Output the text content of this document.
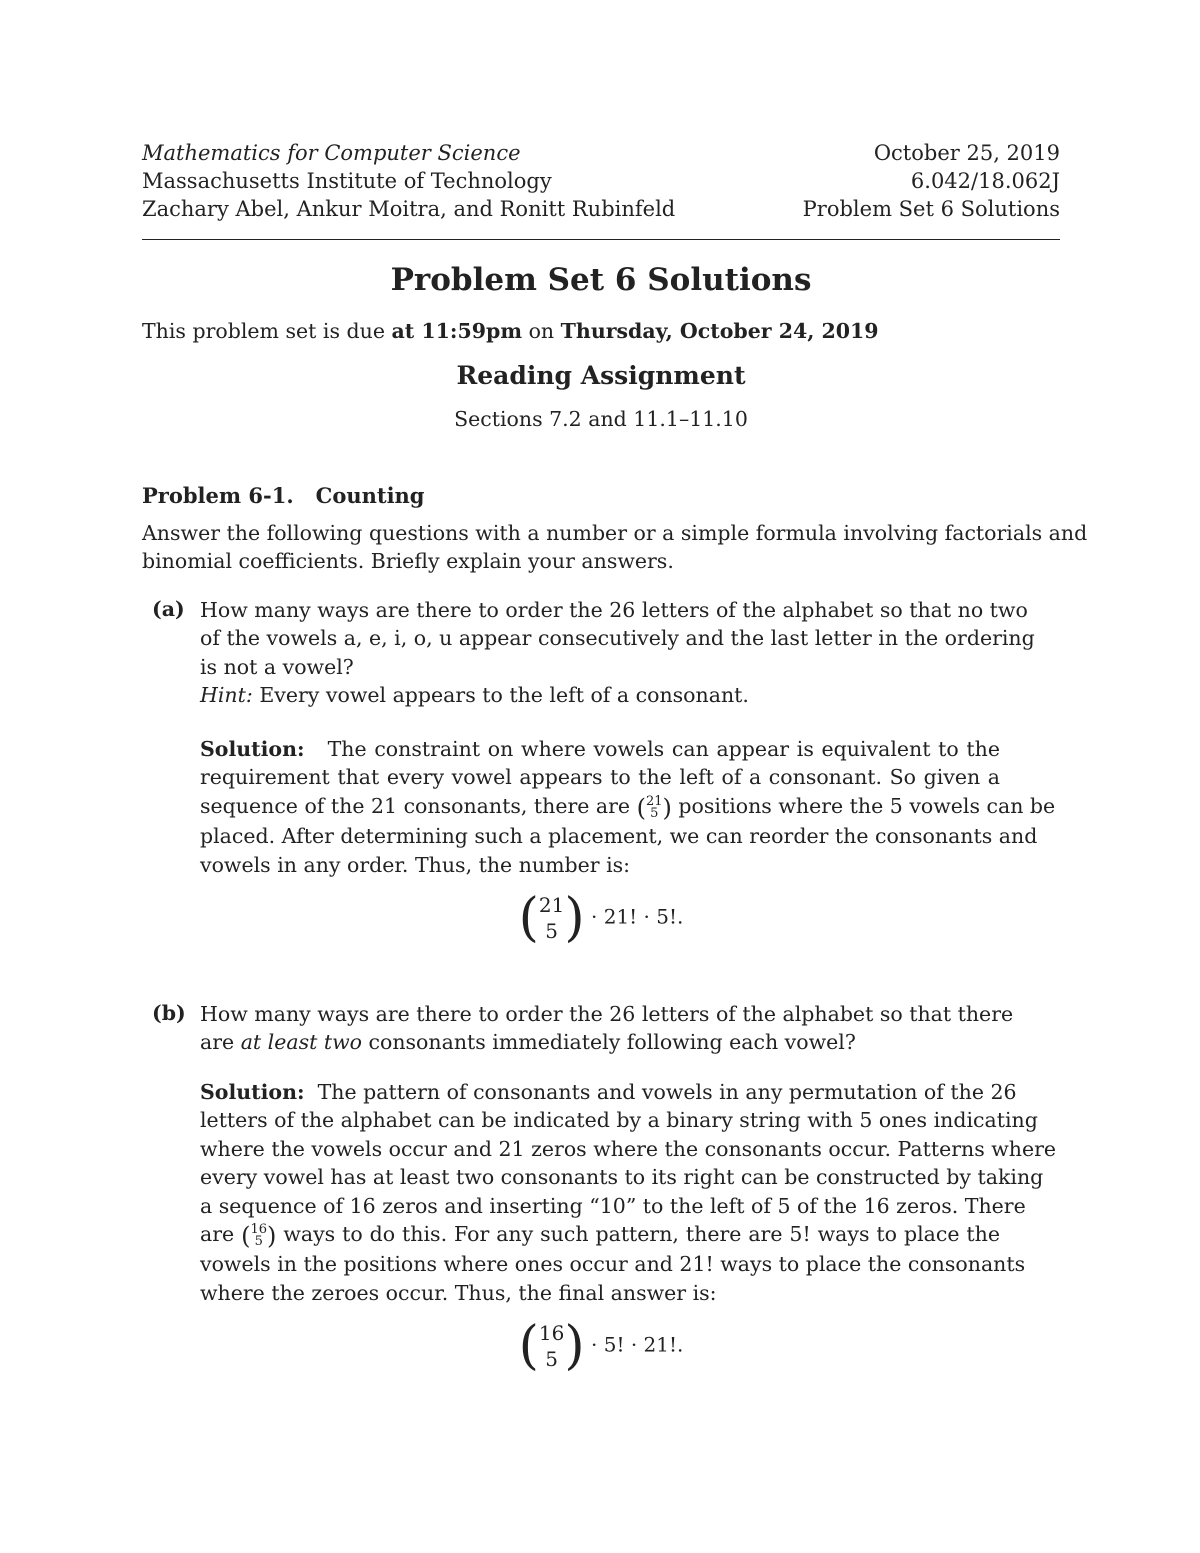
Mathematics for Computer Science
Massachusetts Institute of Technology
Zachary Abel, Ankur Moitra, and Ronitt Rubinfeld
October 25, 2019
6.042/18.062J
Problem Set 6 Solutions
Problem Set 6 Solutions
This problem set is due at 11:59pm on Thursday, October 24, 2019
Reading Assignment
Sections 7.2 and 11.1–11.10
Problem 6-1. Counting
Answer the following questions with a number or a simple formula involving factorials and
binomial coefficients. Briefly explain your answers.
(a) How many ways are there to order the 26 letters of the alphabet so that no two
of the vowels a, e, i, o, u appear consecutively and the last letter in the ordering
is not a vowel?
Hint: Every vowel appears to the left of a consonant.
Solution: The constraint on where vowels can appear is equivalent to the
requirement that every vowel appears to the left of a consonant. So given a
sequence of the 21 consonants, there are ( 21
5 ) positions where the 5 vowels can be
placed. After determining such a placement, we can reorder the consonants and
vowels in any order. Thus, the number is:
( 21
5 ) · 21! · 5!.
(b) How many ways are there to order the 26 letters of the alphabet so that there
are at least two consonants immediately following each vowel?
Solution: The pattern of consonants and vowels in any permutation of the 26
letters of the alphabet can be indicated by a binary string with 5 ones indicating
where the vowels occur and 21 zeros where the consonants occur. Patterns where
every vowel has at least two consonants to its right can be constructed by taking
a sequence of 16 zeros and inserting “10” to the left of 5 of the 16 zeros. There
are ( 16
5 ) ways to do this. For any such pattern, there are 5! ways to place the
vowels in the positions where ones occur and 21! ways to place the consonants
where the zeroes occur. Thus, the final answer is:
( 16
5 ) · 5! · 21!.
